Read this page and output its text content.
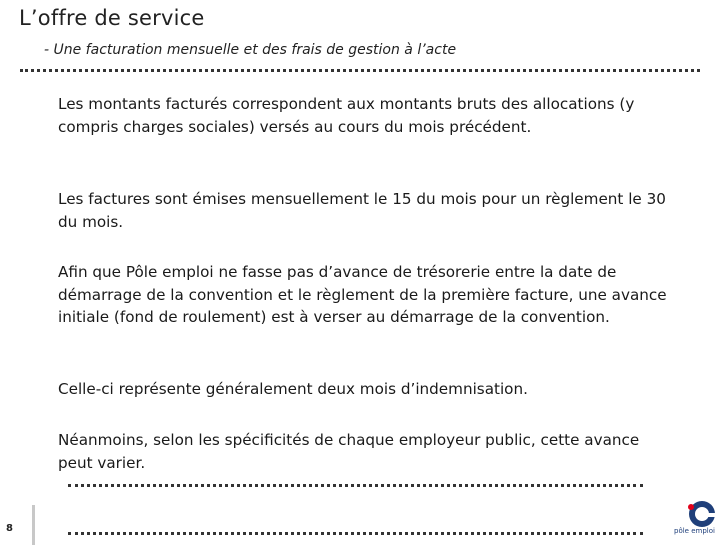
L’offre de service
- Une facturation mensuelle et des frais de gestion à l’acte
Les montants facturés correspondent aux montants bruts des allocations (y compris charges sociales) versés au cours du mois précédent.
Les factures sont émises mensuellement le 15 du mois pour un règlement le 30 du mois.
Afin que Pôle emploi ne fasse pas d’avance de trésorerie entre la date de démarrage de la convention et le règlement de la première facture, une avance initiale (fond de roulement) est à verser au démarrage de la convention.
Celle-ci représente généralement deux mois d’indemnisation.
Néanmoins, selon les spécificités de chaque employeur public, cette avance peut varier.
8	pôle emploi
